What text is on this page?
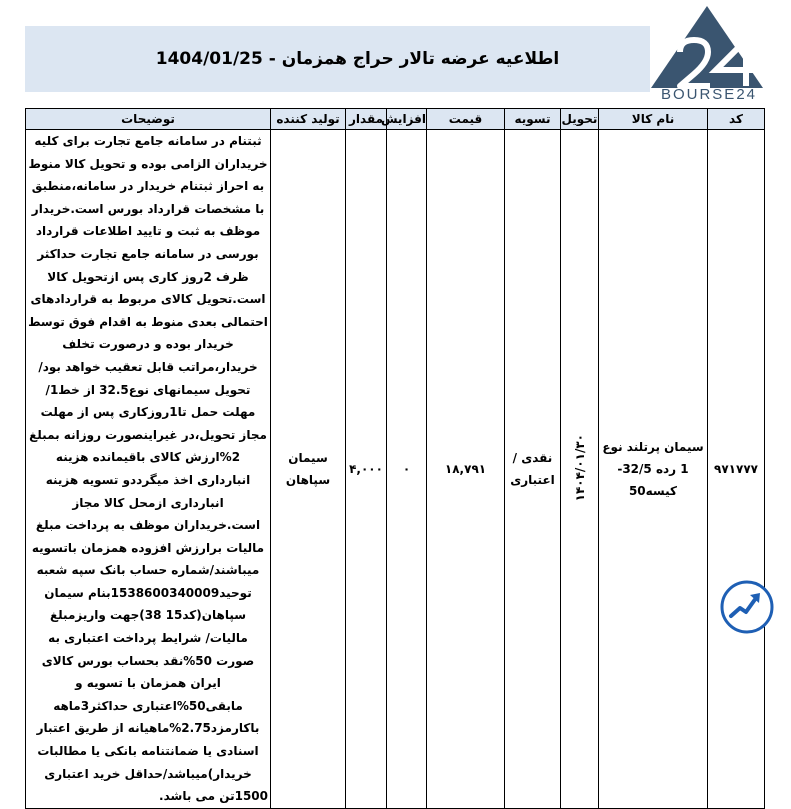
اطلاعیه عرضه تالار حراج همزمان - 1404/01/25
BOURSE24
کد	نام کالا	تحویل	تسویه	قیمت	افزایش	مقدار	تولید کننده	توضیحات
۹۷۱۷۷۷	سیمان پرتلند نوع 1 رده 32/5-کیسه50	۱۴۰۴/۰۱/۳۰	نقدی / اعتباری	۱۸,۷۹۱	۰	۴,۰۰۰	سیمان سپاهان	ثبتنام در سامانه جامع تجارت برای کلیه خریداران الزامی بوده و تحویل کالا منوط به احراز ثبتنام خریدار در سامانه،منطبق با مشخصات قرارداد بورس است.خریدار موظف به ثبت و تایید اطلاعات قرارداد بورسی در سامانه جامع تجارت حداکثر ظرف 2روز کاری پس ازتحویل کالا است.تحویل کالای مربوط به قراردادهای احتمالی بعدی منوط به اقدام فوق توسط خریدار بوده و درصورت تخلف خریدار،مراتب قابل تعقیب خواهد بود/تحویل سیمانهای نوع32.5 از خط1/ مهلت حمل تا1روزکاری پس از مهلت مجاز تحویل،در غیراینصورت روزانه بمبلغ 2%ارزش کالای باقیمانده هزینه انبارداری اخذ میگرددو تسویه هزینه انبارداری ازمحل کالا مجاز است.خریداران موظف به پرداخت مبلغ مالیات برارزش افزوده همزمان باتسویه میباشند/شماره حساب بانک سپه شعبه توحید1538600340009بنام سیمان سپاهان(کد15 38)جهت واریزمبلغ مالیات/ شرایط پرداخت اعتباری به صورت 50%نقد بحساب بورس کالای ایران همزمان با تسویه و مابقی50%اعتباری حداکثر3ماهه باکارمزد2.75%ماهیانه از طریق اعتبار اسنادی یا ضمانتنامه بانکی یا مطالبات خریدار)میباشد/حداقل خرید اعتباری 1500تن می باشد.
